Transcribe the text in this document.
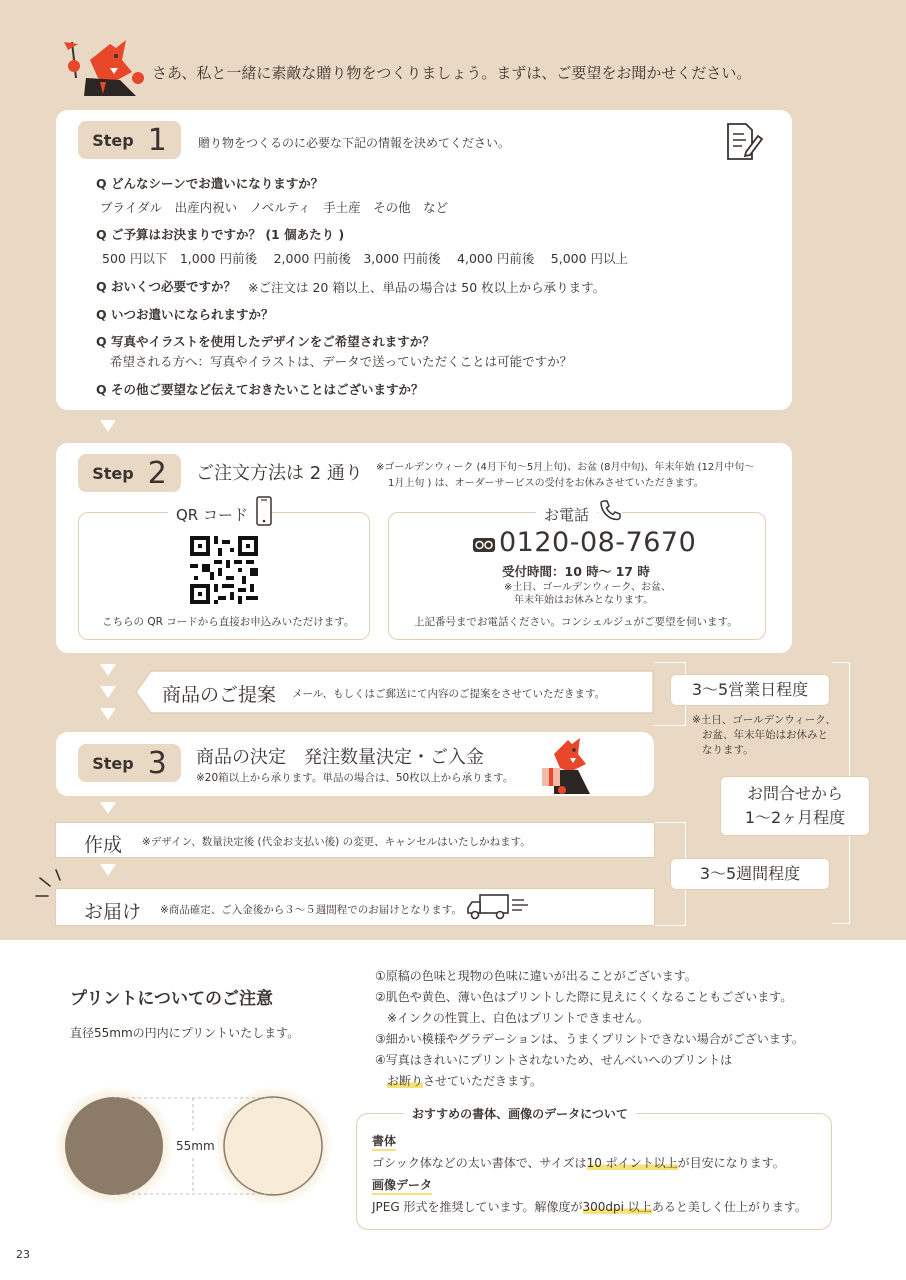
さあ、私と一緒に素敵な贈り物をつくりましょう。まずは、ご要望をお聞かせください。
Step 1	贈り物をつくるのに必要な下記の情報を決めてください。
Q どんなシーンでお遣いになりますか？
ブライダル　出産内祝い　ノベルティ　手土産　その他　など
Q ご予算はお決まりですか？ (1 個あたり )
500 円以下　1,000 円前後　 2,000 円前後　3,000 円前後　 4,000 円前後　 5,000 円以上
Q おいくつ必要ですか？ ※ご注文は 20 箱以上、単品の場合は 50 枚以上から承ります。
Q いつお遣いになられますか？
Q 写真やイラストを使用したデザインをご希望されますか？
希望される方へ：写真やイラストは、データで送っていただくことは可能ですか？
Q その他ご要望など伝えておきたいことはございますか？
Step 2 ご注文方法は 2 通り ※ゴールデンウィーク (4月下旬～5月上旬)、お盆 (8月中旬)、年末年始 (12月中旬～
1月上旬 ) は、オーダーサービスの受付をお休みさせていただきます。
QR コード
こちらの QR コードから直接お申込みいただけます。
お電話
0120-08-7670
受付時間：10 時～ 17 時
※土日、ゴールデンウィーク、お盆、
年末年始はお休みとなります。
上記番号までお電話ください。コンシェルジュがご要望を伺います。
商品のご提案 メール、もしくはご郵送にて内容のご提案をさせていただきます。	3～5営業日程度
※土日、ゴールデンウィーク、
お盆、年末年始はお休みと
なります。
Step 3 商品の決定　発注数量決定・ご入金
※20箱以上から承ります。単品の場合は、50枚以上から承ります。
お問合せから
1～2ヶ月程度
作成 ※デザイン、数量決定後 (代金お支払い後) の変更、キャンセルはいたしかねます。
3～5週間程度
お届け ※商品確定、ご入金後から３～５週間程でのお届けとなります。
プリントについてのご注意
直径55mmの円内にプリントいたします。
①原稿の色味と現物の色味に違いが出ることがございます。
②肌色や黄色、薄い色はプリントした際に見えにくくなることもございます。
　※インクの性質上、白色はプリントできません。
③細かい模様やグラデーションは、うまくプリントできない場合がございます。
④写真はきれいにプリントされないため、せんべいへのプリントは
お断りさせていただきます。
55mm
おすすめの書体、画像のデータについて
書体
ゴシック体などの太い書体で、サイズは10 ポイント以上が目安になります。
画像データ
JPEG 形式を推奨しています。解像度が300dpi 以上あると美しく仕上がります。
23
